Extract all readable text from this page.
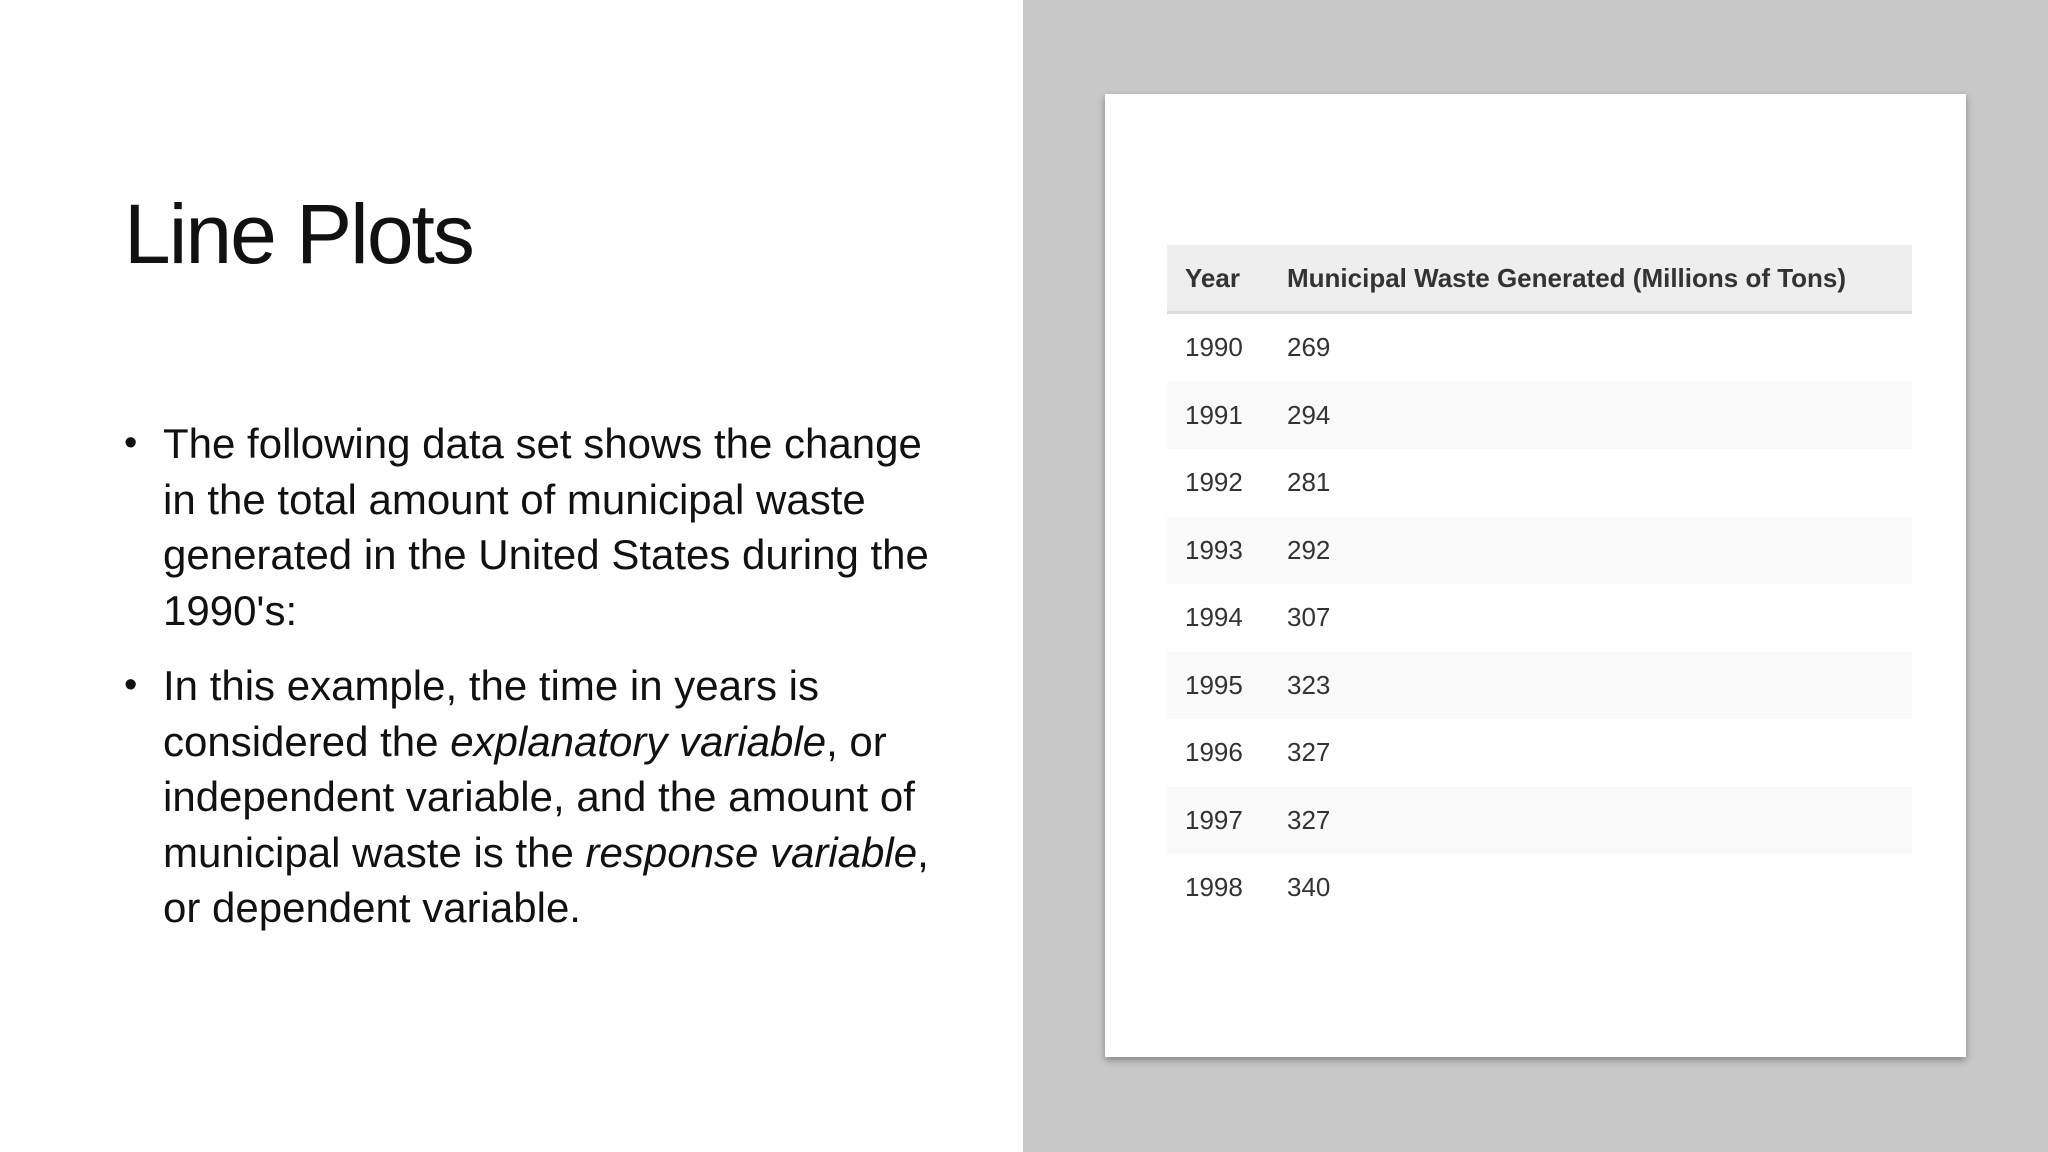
Line Plots
• The following data set shows the change in the total amount of municipal waste generated in the United States during the 1990's:
• In this example, the time in years is considered the explanatory variable, or independent variable, and the amount of municipal waste is the response variable, or dependent variable.
Year	Municipal Waste Generated (Millions of Tons)
1990	269
1991	294
1992	281
1993	292
1994	307
1995	323
1996	327
1997	327
1998	340
